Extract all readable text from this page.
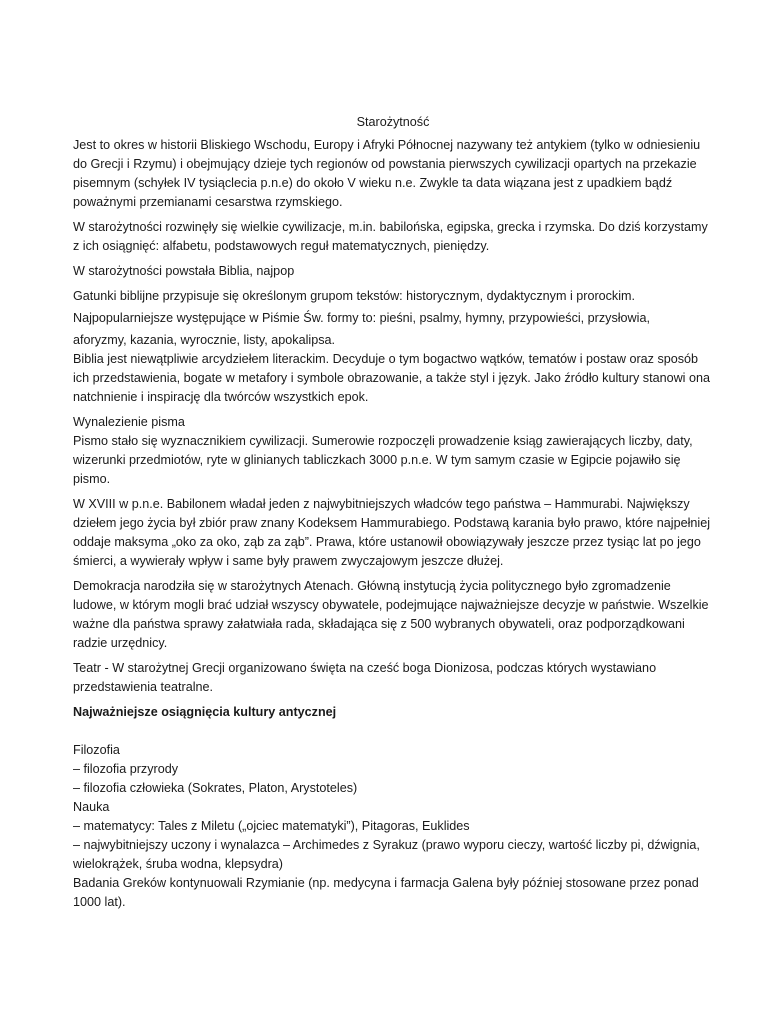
Starożytność

Jest to okres w historii Bliskiego Wschodu, Europy i Afryki Północnej nazywany też antykiem (tylko w odniesieniu do Grecji i Rzymu) i obejmujący dzieje tych regionów od powstania pierwszych cywilizacji opartych na przekazie pisemnym (schyłek IV tysiąclecia p.n.e) do około V wieku n.e. Zwykle ta data wiązana jest z upadkiem bądź poważnymi przemianami cesarstwa rzymskiego.

W starożytności rozwinęły się wielkie cywilizacje, m.in. babilońska, egipska, grecka i rzymska. Do dziś korzystamy z ich osiągnięć: alfabetu, podstawowych reguł matematycznych, pieniędzy.

W starożytności powstała Biblia, najpop

Gatunki biblijne przypisuje się określonym grupom tekstów: historycznym, dydaktycznym i prorockim.

Najpopularniejsze występujące w Piśmie Św. formy to: pieśni, psalmy, hymny, przypowieści, przysłowia,

aforyzmy, kazania, wyrocznie, listy, apokalipsa.

Biblia jest niewątpliwie arcydziełem literackim. Decyduje o tym bogactwo wątków, tematów i postaw oraz sposób ich przedstawienia, bogate w metafory i symbole obrazowanie, a także styl i język. Jako źródło kultury stanowi ona natchnienie i inspirację dla twórców wszystkich epok.

Wynalezienie pisma

Pismo stało się wyznacznikiem cywilizacji. Sumerowie rozpoczęli prowadzenie ksiąg zawierających liczby, daty, wizerunki przedmiotów, ryte w glinianych tabliczkach 3000 p.n.e. W tym samym czasie w Egipcie pojawiło się pismo.

W XVIII w p.n.e. Babilonem władał jeden z najwybitniejszych władców tego państwa – Hammurabi. Największy dziełem jego życia był zbiór praw znany Kodeksem Hammurabiego. Podstawą karania było prawo, które najpełniej oddaje maksyma „oko za oko, ząb za ząb”. Prawa, które ustanowił obowiązywały jeszcze przez tysiąc lat po jego śmierci, a wywierały wpływ i same były prawem zwyczajowym jeszcze dłużej.

Demokracja narodziła się w starożytnych Atenach. Główną instytucją życia politycznego było zgromadzenie ludowe, w którym mogli brać udział wszyscy obywatele, podejmujące najważniejsze decyzje w państwie. Wszelkie ważne dla państwa sprawy załatwiała rada, składająca się z 500 wybranych obywateli, oraz podporządkowani radzie urzędnicy.

Teatr - W starożytnej Grecji organizowano święta na cześć boga Dionizosa, podczas których wystawiano przedstawienia teatralne.

Najważniejsze osiągnięcia kultury antycznej

Filozofia

– filozofia przyrody

– filozofia człowieka (Sokrates, Platon, Arystoteles)

Nauka

– matematycy: Tales z Miletu („ojciec matematyki”), Pitagoras, Euklides

– najwybitniejszy uczony i wynalazca – Archimedes z Syrakuz (prawo wyporu cieczy, wartość liczby pi, dźwignia, wielokrążek, śruba wodna, klepsydra)

Badania Greków kontynuowali Rzymianie (np. medycyna i farmacja Galena były później stosowane przez ponad 1000 lat).
